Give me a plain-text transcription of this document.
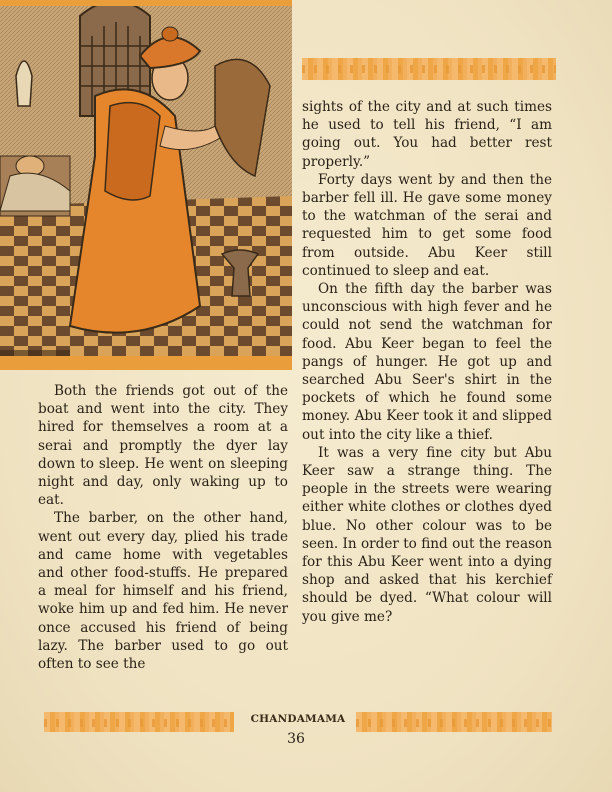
Both the friends got out of the boat and went into the city. They hired for themselves a room at a serai and promptly the dyer lay down to sleep. He went on sleeping night and day, only waking up to eat.

The barber, on the other hand, went out every day, plied his trade and came home with vegetables and other food-stuffs. He prepared a meal for himself and his friend, woke him up and fed him. He never once accused his friend of being lazy. The barber used to go out often to see the

sights of the city and at such times he used to tell his friend, “I am going out. You had better rest properly.”

Forty days went by and then the barber fell ill. He gave some money to the watchman of the serai and requested him to get some food from outside. Abu Keer still continued to sleep and eat.

On the fifth day the barber was unconscious with high fever and he could not send the watchman for food. Abu Keer began to feel the pangs of hunger. He got up and searched Abu Seer's shirt in the pockets of which he found some money. Abu Keer took it and slipped out into the city like a thief.

It was a very fine city but Abu Keer saw a strange thing. The people in the streets were wearing either white clothes or clothes dyed blue. No other colour was to be seen. In order to find out the reason for this Abu Keer went into a dying shop and asked that his kerchief should be dyed. “What colour will you give me?

CHANDAMAMA
36
